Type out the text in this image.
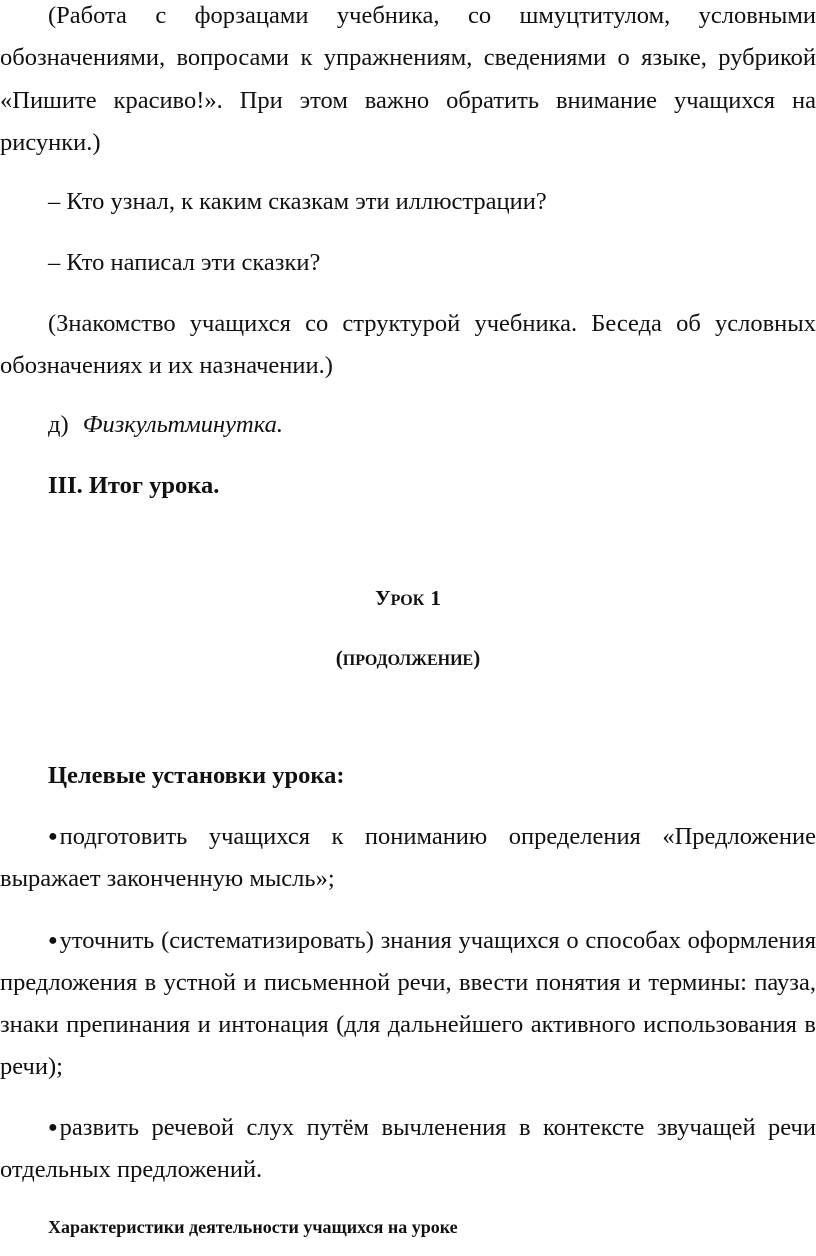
(Работа с форзацами учебника, со шмуцтитулом, условными

обозначениями, вопросами к упражнениям, сведениями о языке, рубрикой

«Пишите красиво!». При этом важно обратить внимание учащихся на

рисунки.)

– Кто узнал, к каким сказкам эти иллюстрации?

– Кто написал эти сказки?

(Знакомство учащихся со структурой учебника. Беседа об условных

обозначениях и их назначении.)

д) Физкультминутка.

III. Итог урока.

УРОК 1

(ПРОДОЛЖЕНИЕ)

Целевые установки урока:

●подготовить учащихся к пониманию определения «Предложение

выражает законченную мысль»;

●уточнить (систематизировать) знания учащихся о способах оформления

предложения в устной и письменной речи, ввести понятия и термины: пауза,

знаки препинания и интонация (для дальнейшего активного использования в

речи);

●развить речевой слух путём вычленения в контексте звучащей речи

отдельных предложений.

Характеристики деятельности учащихся на уроке
